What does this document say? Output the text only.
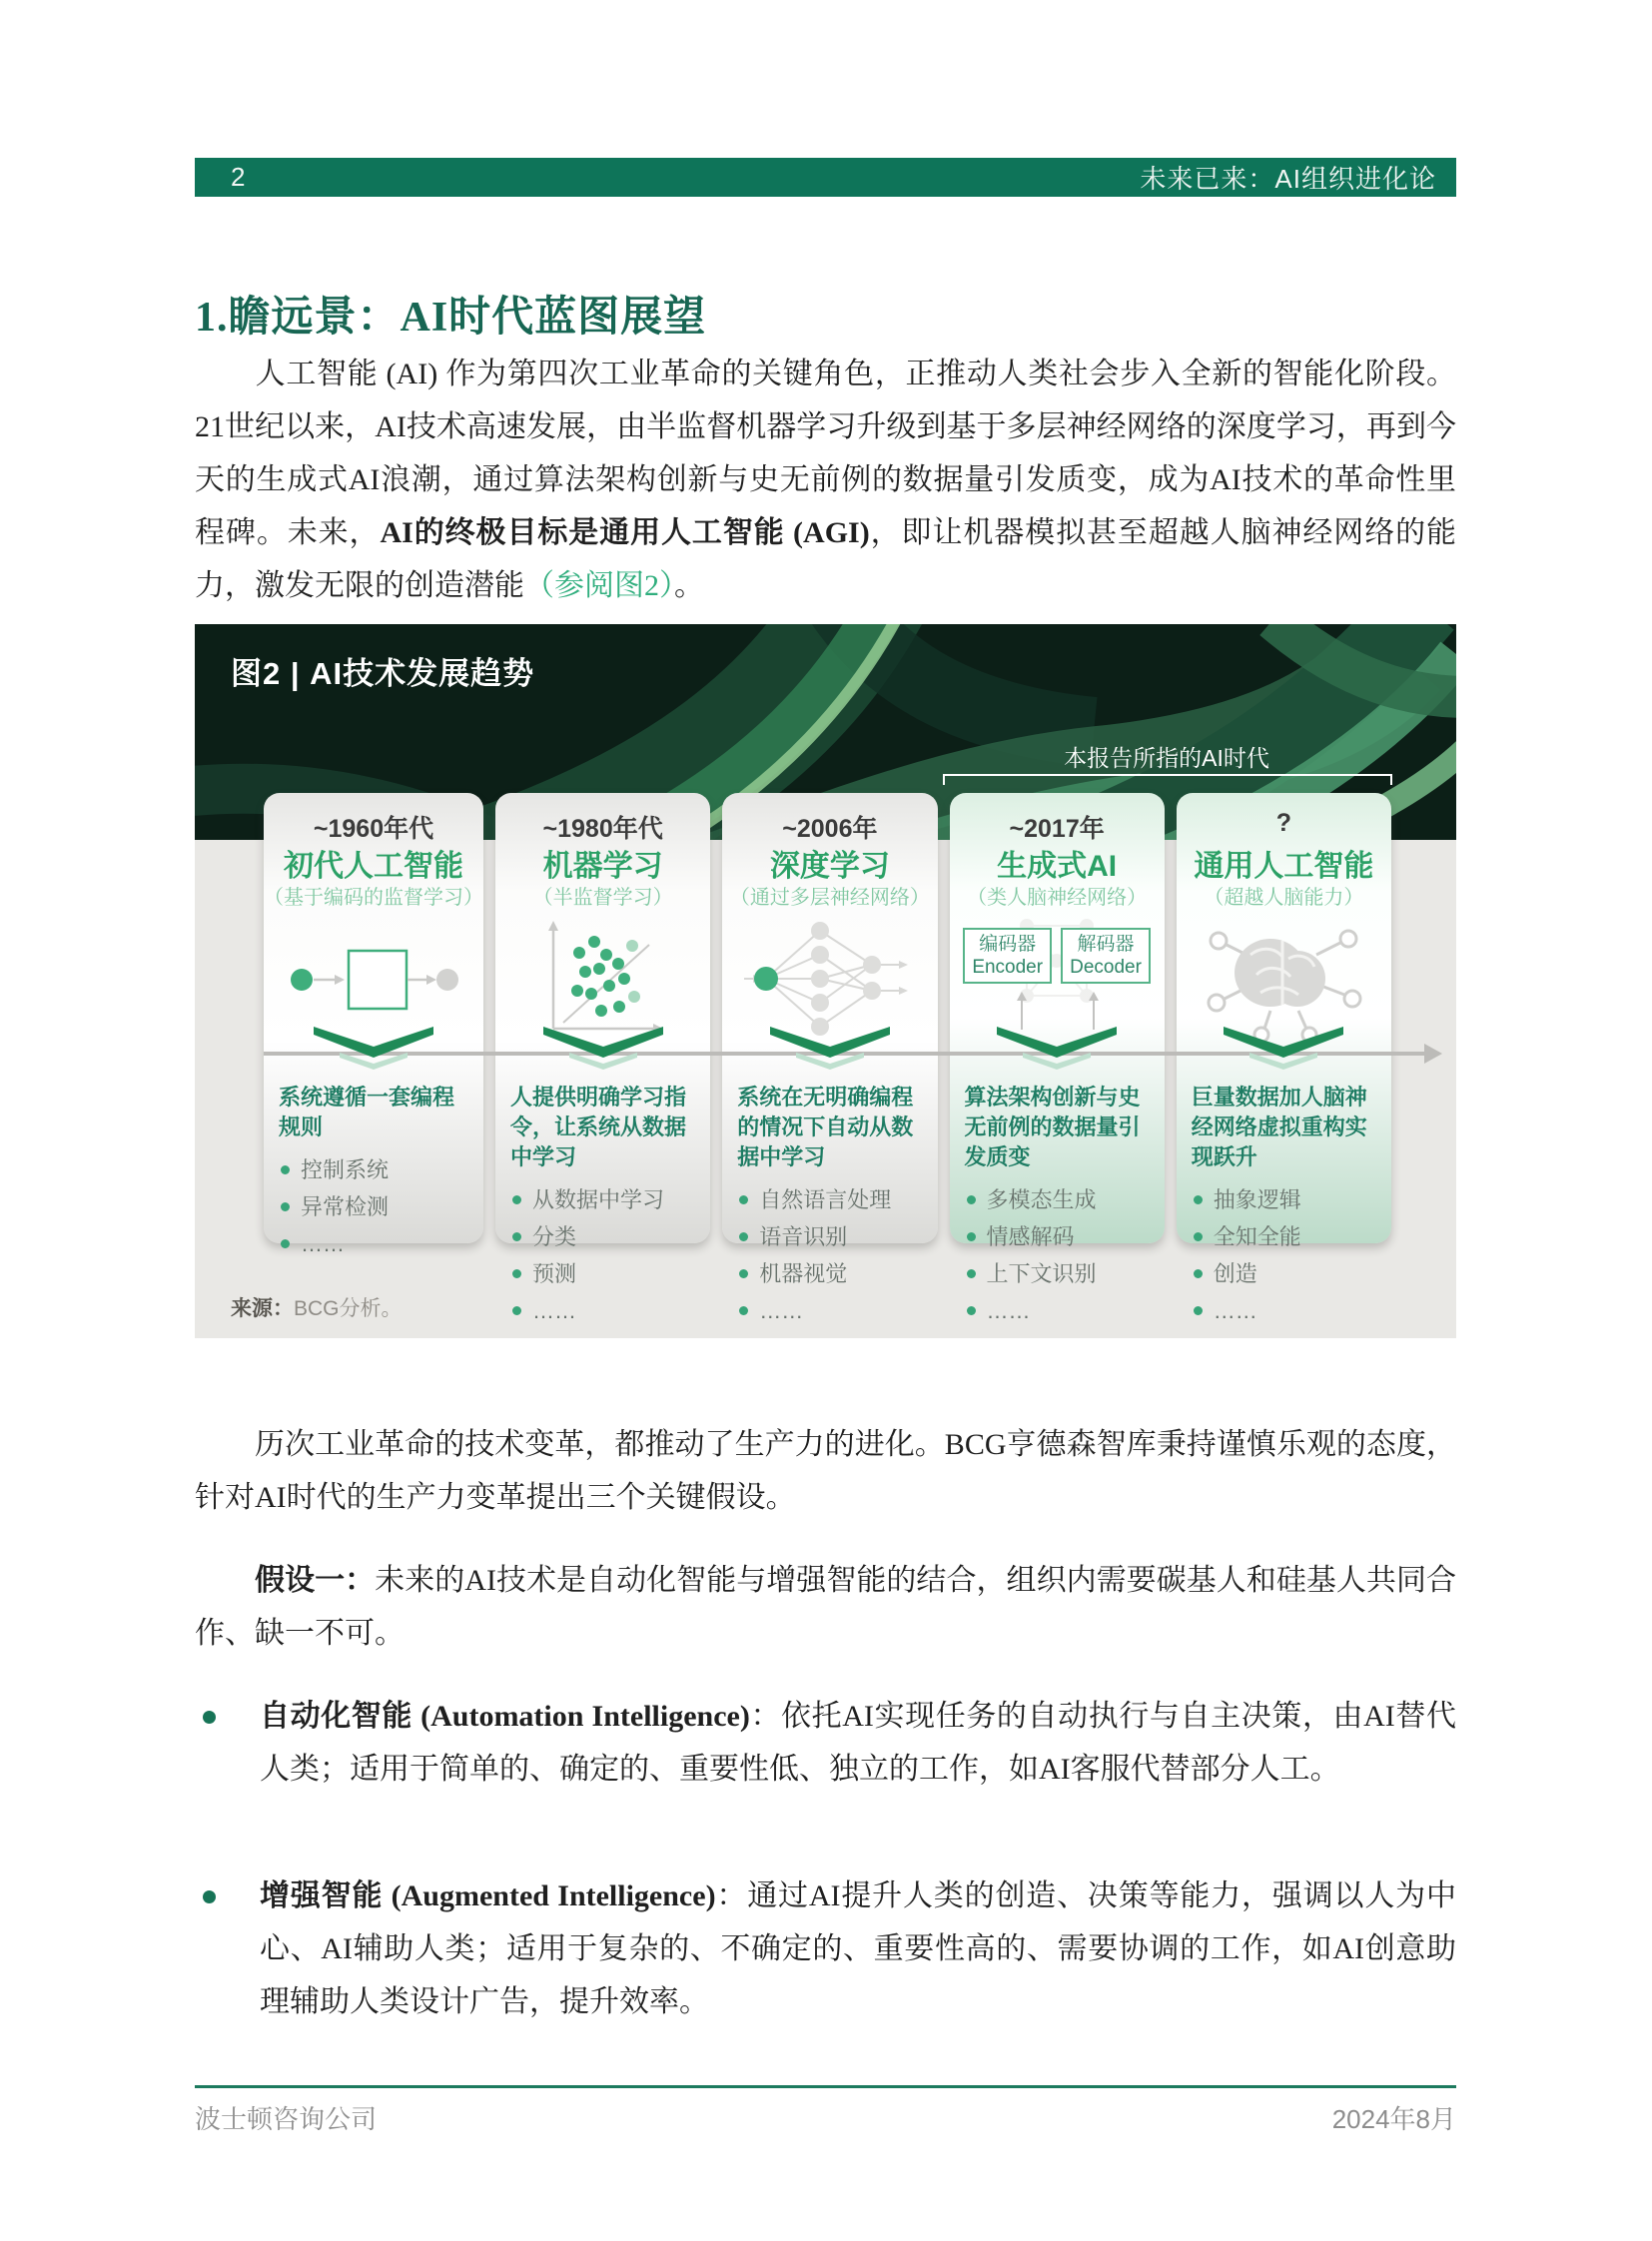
2	未来已来：AI组织进化论
1.瞻远景：AI时代蓝图展望
人工智能 (AI) 作为第四次工业革命的关键角色，正推动人类社会步入全新的智能化阶段。21世纪以来，AI技术高速发展，由半监督机器学习升级到基于多层神经网络的深度学习，再到今天的生成式AI浪潮，通过算法架构创新与史无前例的数据量引发质变，成为AI技术的革命性里程碑。未来，AI的终极目标是通用人工智能 (AGI)，即让机器模拟甚至超越人脑神经网络的能力，激发无限的创造潜能（参阅图2）。
图2 | AI技术发展趋势
本报告所指的AI时代
~1960年代
初代人工智能
（基于编码的监督学习）
系统遵循一套编程规则
控制系统
异常检测
……
~1980年代
机器学习
（半监督学习）
人提供明确学习指令，让系统从数据中学习
从数据中学习
分类
预测
……
~2006年
深度学习
（通过多层神经网络）
系统在无明确编程的情况下自动从数据中学习
自然语言处理
语音识别
机器视觉
……
~2017年
生成式AI
（类人脑神经网络）
编码器
Encoder
解码器
Decoder
算法架构创新与史无前例的数据量引发质变
多模态生成
情感解码
上下文识别
……
?
通用人工智能
（超越人脑能力）
巨量数据加人脑神经网络虚拟重构实现跃升
抽象逻辑
全知全能
创造
……
来源：BCG分析。
历次工业革命的技术变革，都推动了生产力的进化。BCG亨德森智库秉持谨慎乐观的态度，针对AI时代的生产力变革提出三个关键假设。
假设一：未来的AI技术是自动化智能与增强智能的结合，组织内需要碳基人和硅基人共同合作、缺一不可。
自动化智能 (Automation Intelligence)：依托AI实现任务的自动执行与自主决策，由AI替代人类；适用于简单的、确定的、重要性低、独立的工作，如AI客服代替部分人工。
增强智能 (Augmented Intelligence)：通过AI提升人类的创造、决策等能力，强调以人为中心、AI辅助人类；适用于复杂的、不确定的、重要性高的、需要协调的工作，如AI创意助理辅助人类设计广告，提升效率。
波士顿咨询公司	2024年8月
